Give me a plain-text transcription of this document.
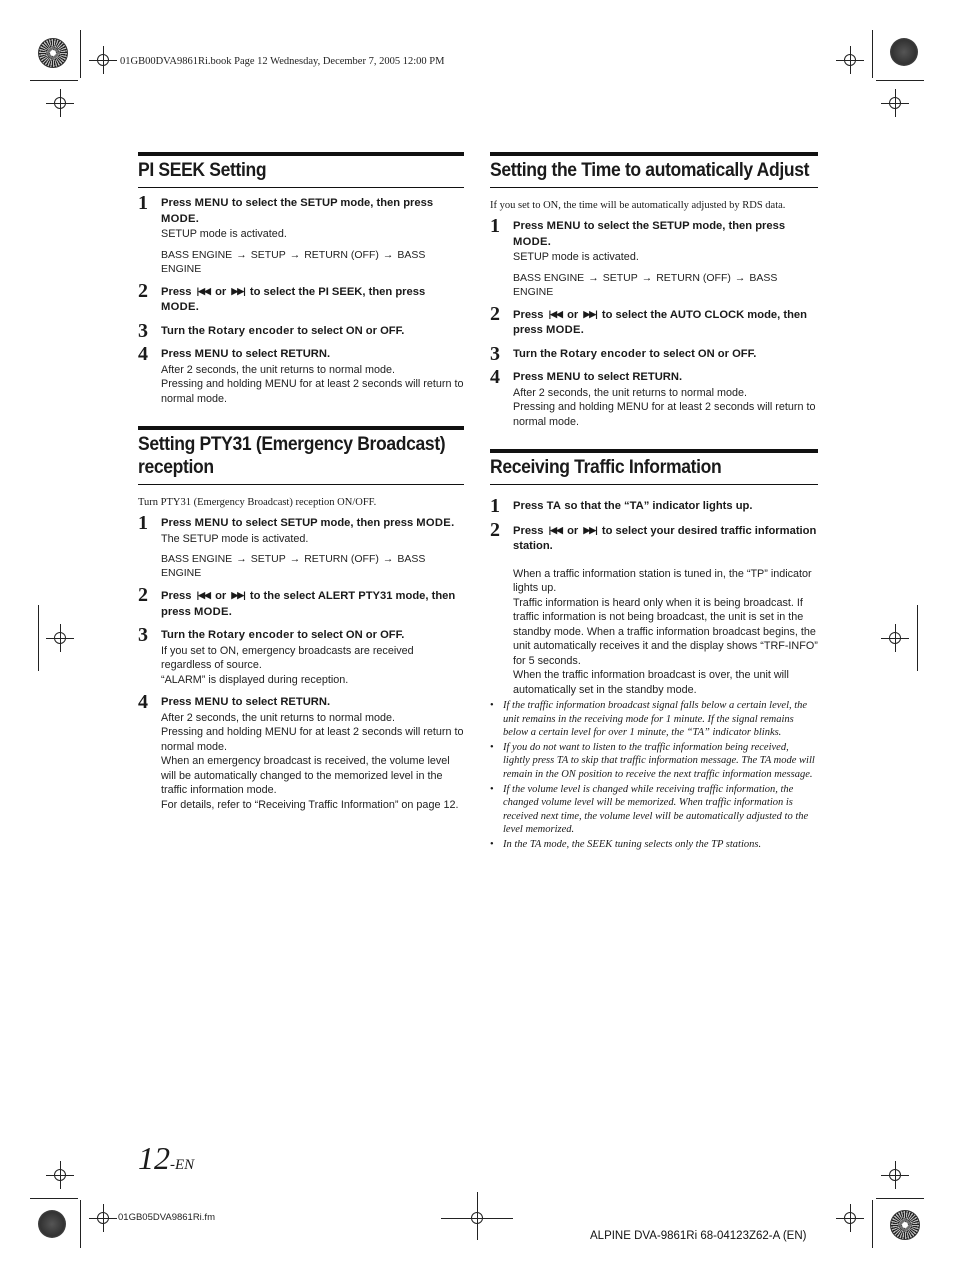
01GB00DVA9861Ri.book Page 12 Wednesday, December 7, 2005 12:00 PM
PI SEEK Setting
1 Press MENU to select the SETUP mode, then press MODE.
SETUP mode is activated.
BASS ENGINE → SETUP → RETURN (OFF) → BASS ENGINE
2 Press |◀◀ or ▶▶| to select the PI SEEK, then press MODE.
3 Turn the Rotary encoder to select ON or OFF.
4 Press MENU to select RETURN.
After 2 seconds, the unit returns to normal mode.
Pressing and holding MENU for at least 2 seconds will return to normal mode.
Setting PTY31 (Emergency Broadcast) reception
Turn PTY31 (Emergency Broadcast) reception ON/OFF.
1 Press MENU to select SETUP mode, then press MODE.
The SETUP mode is activated.
BASS ENGINE → SETUP → RETURN (OFF) → BASS ENGINE
2 Press |◀◀ or ▶▶| to the select ALERT PTY31 mode, then press MODE.
3 Turn the Rotary encoder to select ON or OFF.
If you set to ON, emergency broadcasts are received regardless of source.
“ALARM” is displayed during reception.
4 Press MENU to select RETURN.
After 2 seconds, the unit returns to normal mode.
Pressing and holding MENU for at least 2 seconds will return to normal mode.
When an emergency broadcast is received, the volume level will be automatically changed to the memorized level in the traffic information mode.
For details, refer to “Receiving Traffic Information” on page 12.
Setting the Time to automatically Adjust
If you set to ON, the time will be automatically adjusted by RDS data.
1 Press MENU to select the SETUP mode, then press MODE.
SETUP mode is activated.
BASS ENGINE → SETUP → RETURN (OFF) → BASS ENGINE
2 Press |◀◀ or ▶▶| to select the AUTO CLOCK mode, then press MODE.
3 Turn the Rotary encoder to select ON or OFF.
4 Press MENU to select RETURN.
After 2 seconds, the unit returns to normal mode.
Pressing and holding MENU for at least 2 seconds will return to normal mode.
Receiving Traffic Information
1 Press TA so that the “TA” indicator lights up.
2 Press |◀◀ or ▶▶| to select your desired traffic information station.
When a traffic information station is tuned in, the “TP” indicator lights up.
Traffic information is heard only when it is being broadcast. If traffic information is not being broadcast, the unit is set in the standby mode. When a traffic information broadcast begins, the unit automatically receives it and the display shows “TRF-INFO” for 5 seconds.
When the traffic information broadcast is over, the unit will automatically set in the standby mode.
• If the traffic information broadcast signal falls below a certain level, the unit remains in the receiving mode for 1 minute. If the signal remains below a certain level for over 1 minute, the “TA” indicator blinks.
• If you do not want to listen to the traffic information being received, lightly press TA to skip that traffic information message. The TA mode will remain in the ON position to receive the next traffic information message.
• If the volume level is changed while receiving traffic information, the changed volume level will be memorized. When traffic information is received next time, the volume level will be automatically adjusted to the level memorized.
• In the TA mode, the SEEK tuning selects only the TP stations.
12-EN
01GB05DVA9861Ri.fm
ALPINE DVA-9861Ri 68-04123Z62-A (EN)
